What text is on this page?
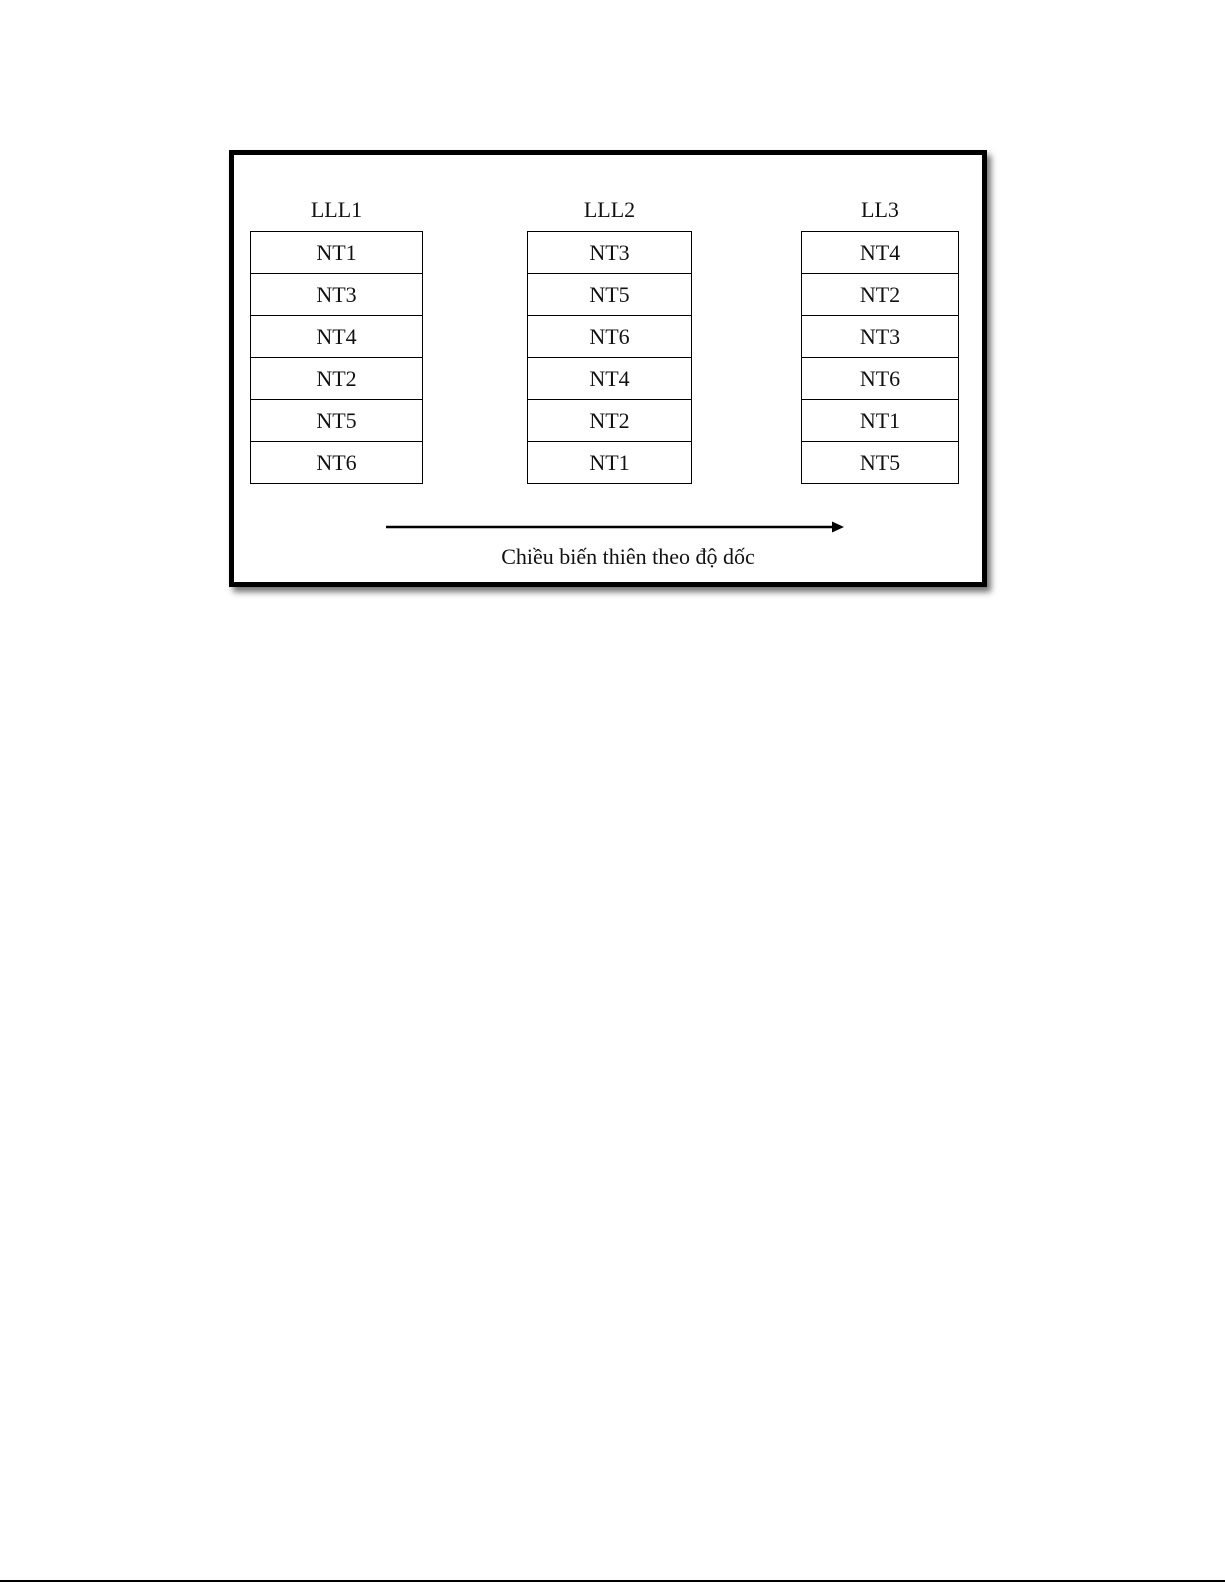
LLL1
NT1
NT3
NT4
NT2
NT5
NT6
LLL2
NT3
NT5
NT6
NT4
NT2
NT1
LL3
NT4
NT2
NT3
NT6
NT1
NT5
Chiều biến thiên theo độ dốc
